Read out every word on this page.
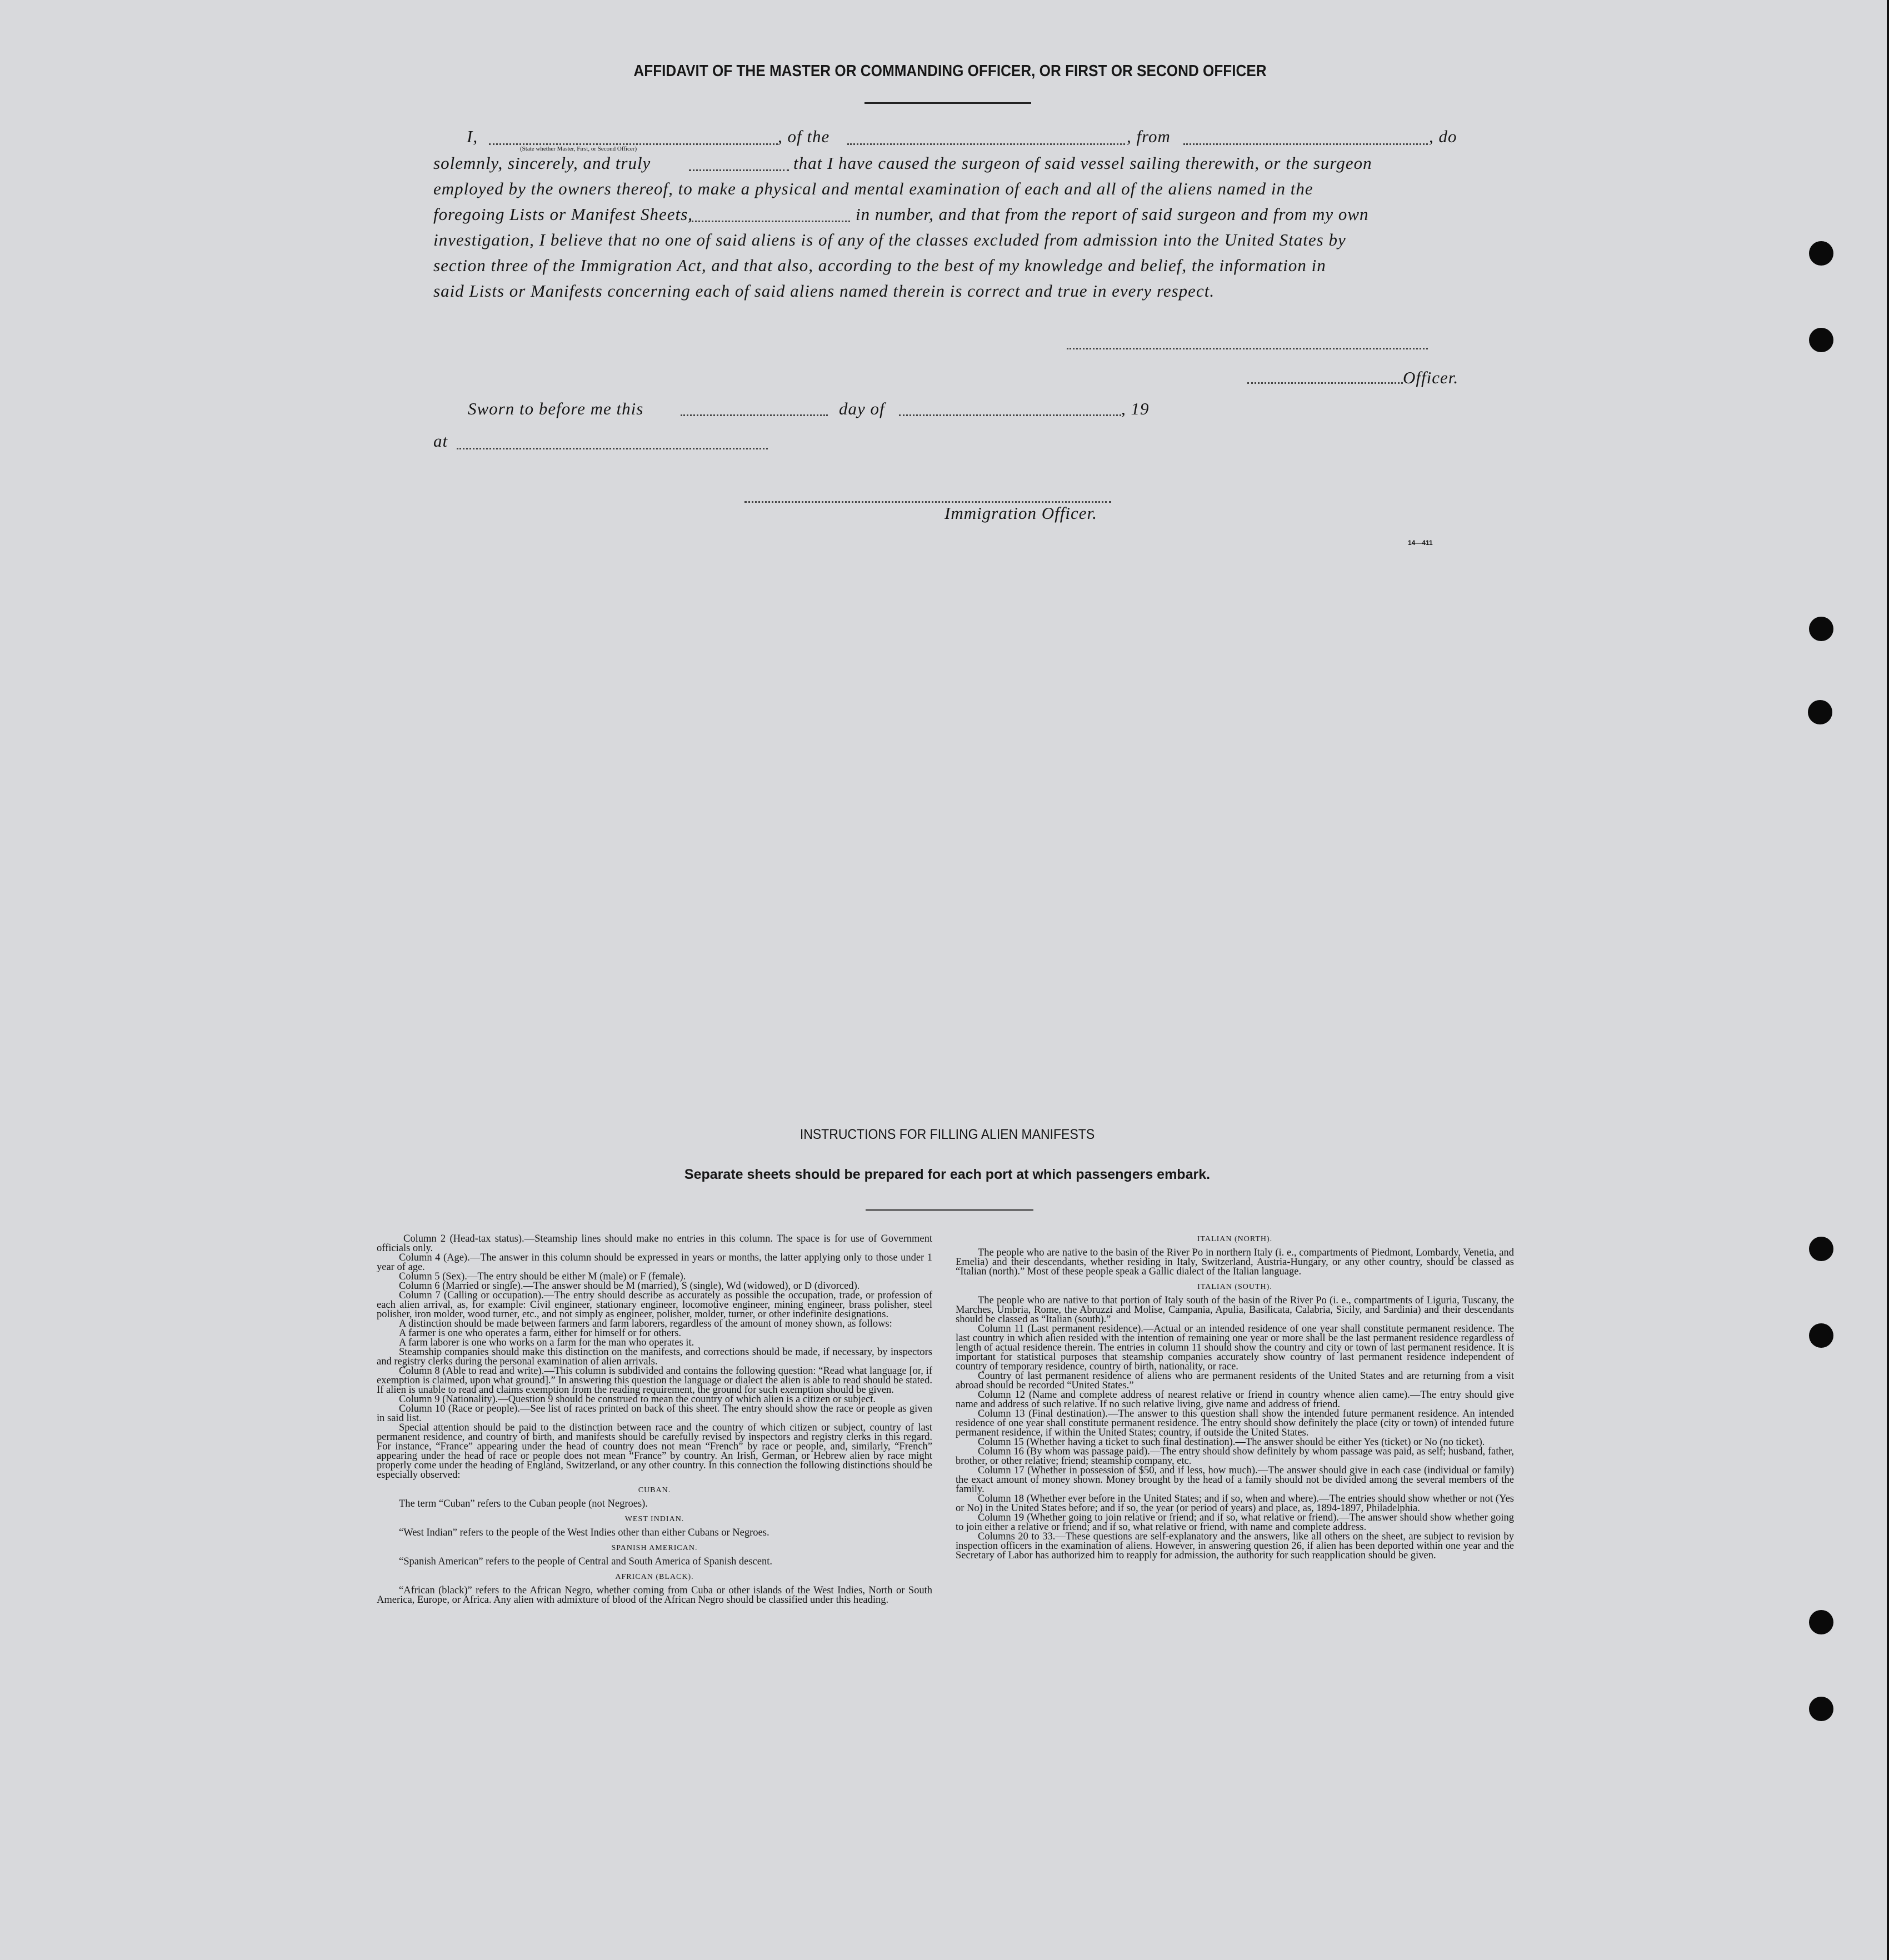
AFFIDAVIT OF THE MASTER OR COMMANDING OFFICER, OR FIRST OR SECOND OFFICER
I,
(State whether Master, First, or Second Officer)
, of the	, from	, do
solemnly, sincerely, and truly	that I have caused the surgeon of said vessel sailing therewith, or the surgeon
employed by the owners thereof, to make a physical and mental examination of each and all of the aliens named in the
foregoing Lists or Manifest Sheets,	in number, and that from the report of said surgeon and from my own
investigation, I believe that no one of said aliens is of any of the classes excluded from admission into the United States by
section three of the Immigration Act, and that also, according to the best of my knowledge and belief, the information in
said Lists or Manifests concerning each of said aliens named therein is correct and true in every respect.
Officer.
Sworn to before me this	day of	, 19
at
Immigration Officer.
14—411
INSTRUCTIONS FOR FILLING ALIEN MANIFESTS
Separate sheets should be prepared for each port at which passengers embark.

Column 2 (Head-tax status).—Steamship lines should make no entries in this column. The space is for use of Government officials only.

Column 4 (Age).—The answer in this column should be expressed in years or months, the latter applying only to those under 1 year of age.

Column 5 (Sex).—The entry should be either M (male) or F (female).

Column 6 (Married or single).—The answer should be M (married), S (single), Wd (widowed), or D (divorced).

Column 7 (Calling or occupation).—The entry should describe as accurately as possible the occupation, trade, or profession of each alien arrival, as, for example: Civil engineer, stationary engineer, locomotive engineer, mining engineer, brass polisher, steel polisher, iron molder, wood turner, etc., and not simply as engineer, polisher, molder, turner, or other indefinite designations.

A distinction should be made between farmers and farm laborers, regardless of the amount of money shown, as follows:

A farmer is one who operates a farm, either for himself or for others.

A farm laborer is one who works on a farm for the man who operates it.

Steamship companies should make this distinction on the manifests, and corrections should be made, if necessary, by inspectors and registry clerks during the personal examination of alien arrivals.

Column 8 (Able to read and write).—This column is subdivided and contains the following question: “Read what language [or, if exemption is claimed, upon what ground].” In answering this question the language or dialect the alien is able to read should be stated. If alien is unable to read and claims exemption from the reading requirement, the ground for such exemption should be given.

Column 9 (Nationality).—Question 9 should be construed to mean the country of which alien is a citizen or subject.

Column 10 (Race or people).—See list of races printed on back of this sheet. The entry should show the race or people as given in said list.

Special attention should be paid to the distinction between race and the country of which citizen or subject, country of last permanent residence, and country of birth, and manifests should be carefully revised by inspectors and registry clerks in this regard. For instance, “France” appearing under the head of country does not mean “French” by race or people, and, similarly, “French” appearing under the head of race or people does not mean “France” by country. An Irish, German, or Hebrew alien by race might properly come under the heading of England, Switzerland, or any other country. In this connection the following distinctions should be especially observed:

CUBAN.

The term “Cuban” refers to the Cuban people (not Negroes).

WEST INDIAN.

“West Indian” refers to the people of the West Indies other than either Cubans or Negroes.

SPANISH AMERICAN.

“Spanish American” refers to the people of Central and South America of Spanish descent.

AFRICAN (BLACK).

“African (black)” refers to the African Negro, whether coming from Cuba or other islands of the West Indies, North or South America, Europe, or Africa. Any alien with admixture of blood of the African Negro should be classified under this heading.

ITALIAN (NORTH).

The people who are native to the basin of the River Po in northern Italy (i. e., compartments of Piedmont, Lombardy, Venetia, and Emelia) and their descendants, whether residing in Italy, Switzerland, Austria-Hungary, or any other country, should be classed as “Italian (north).” Most of these people speak a Gallic dialect of the Italian language.

ITALIAN (SOUTH).

The people who are native to that portion of Italy south of the basin of the River Po (i. e., compartments of Liguria, Tuscany, the Marches, Umbria, Rome, the Abruzzi and Molise, Campania, Apulia, Basilicata, Calabria, Sicily, and Sardinia) and their descendants should be classed as “Italian (south).”

Column 11 (Last permanent residence).—Actual or an intended residence of one year shall constitute permanent residence. The last country in which alien resided with the intention of remaining one year or more shall be the last permanent residence regardless of length of actual residence therein. The entries in column 11 should show the country and city or town of last permanent residence. It is important for statistical purposes that steamship companies accurately show country of last permanent residence independent of country of temporary residence, country of birth, nationality, or race.

Country of last permanent residence of aliens who are permanent residents of the United States and are returning from a visit abroad should be recorded “United States.”

Column 12 (Name and complete address of nearest relative or friend in country whence alien came).—The entry should give name and address of such relative. If no such relative living, give name and address of friend.

Column 13 (Final destination).—The answer to this question shall show the intended future permanent residence. An intended residence of one year shall constitute permanent residence. The entry should show definitely the place (city or town) of intended future permanent residence, if within the United States; country, if outside the United States.

Column 15 (Whether having a ticket to such final destination).—The answer should be either Yes (ticket) or No (no ticket).

Column 16 (By whom was passage paid).—The entry should show definitely by whom passage was paid, as self; husband, father, brother, or other relative; friend; steamship company, etc.

Column 17 (Whether in possession of $50, and if less, how much).—The answer should give in each case (individual or family) the exact amount of money shown. Money brought by the head of a family should not be divided among the several members of the family.

Column 18 (Whether ever before in the United States; and if so, when and where).—The entries should show whether or not (Yes or No) in the United States before; and if so, the year (or period of years) and place, as, 1894-1897, Philadelphia.

Column 19 (Whether going to join relative or friend; and if so, what relative or friend).—The answer should show whether going to join either a relative or friend; and if so, what relative or friend, with name and complete address.

Columns 20 to 33.—These questions are self-explanatory and the answers, like all others on the sheet, are subject to revision by inspection officers in the examination of aliens. However, in answering question 26, if alien has been deported within one year and the Secretary of Labor has authorized him to reapply for admission, the authority for such reapplication should be given.
